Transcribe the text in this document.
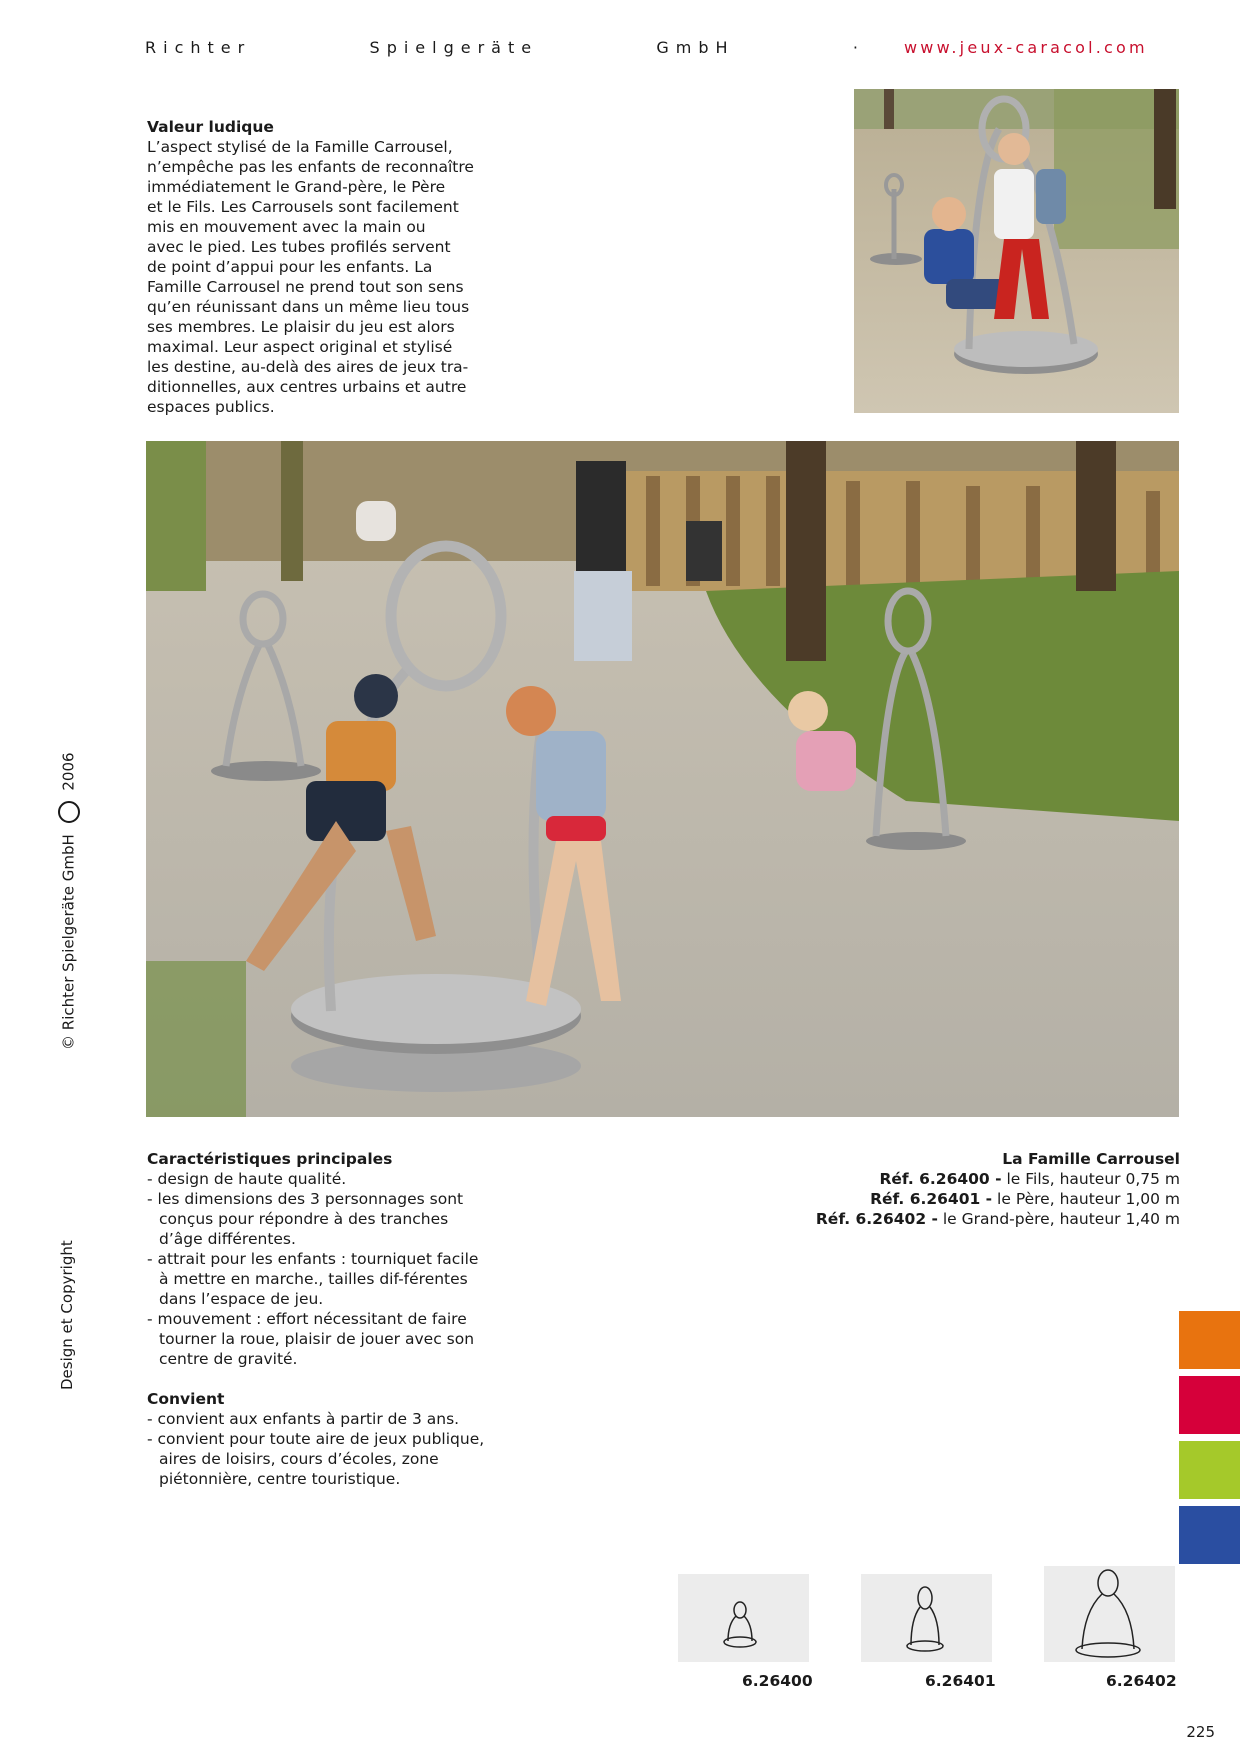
Richter	Spielgeräte	GmbH	· www.jeux-caracol.com
Valeur ludique
L’aspect stylisé de la Famille Carrousel,
n’empêche pas les enfants de reconnaître
immédiatement le Grand-père, le Père
et le Fils. Les Carrousels sont facilement
mis en mouvement avec la main ou
avec le pied. Les tubes profilés servent
de point d’appui pour les enfants. La
Famille Carrousel ne prend tout son sens
qu’en réunissant dans un même lieu tous
ses membres. Le plaisir du jeu est alors
maximal. Leur aspect original et stylisé
les destine, au-delà des aires de jeux tra-
ditionnelles, aux centres urbains et autre
espaces publics.
© Richter Spielgeräte GmbH  2006
Design et Copyright
Caractéristiques principales
- design de haute qualité.
- les dimensions des 3 personnages sont conçus pour répondre à des tranches d’âge différentes.
- attrait pour les enfants : tourniquet facile à mettre en marche., tailles dif-férentes dans l’espace de jeu.
- mouvement : effort nécessitant de faire tourner la roue, plaisir de jouer avec son centre de gravité.
Convient
- convient aux enfants à partir de 3 ans.
- convient pour toute aire de jeux publique, aires de loisirs, cours d’écoles, zone piétonnière, centre touristique.
La Famille Carrousel
Réf. 6.26400 - le Fils, hauteur 0,75 m
Réf. 6.26401 - le Père, hauteur 1,00 m
Réf. 6.26402 - le Grand-père, hauteur 1,40 m
6.26400	6.26401	6.26402
225
